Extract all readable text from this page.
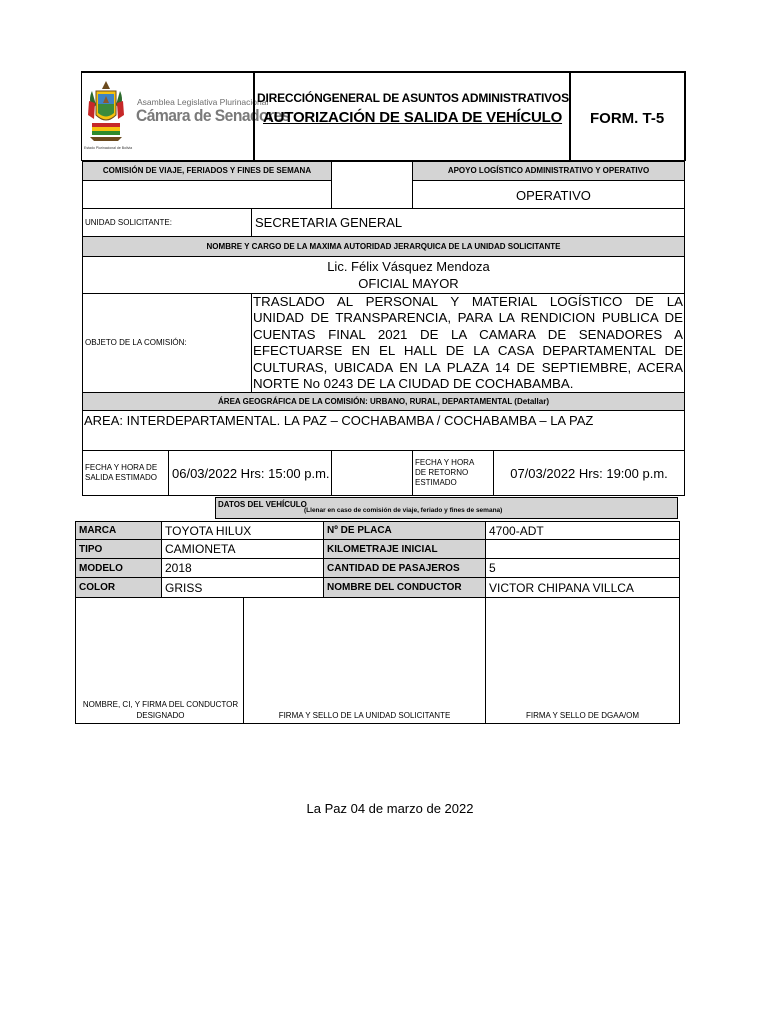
Asamblea Legislativa Plurinacional
Cámara de Senadores
Estado Plurinacional de Bolivia
DIRECCIÓNGENERAL DE ASUNTOS ADMINISTRATIVOS
AUTORIZACIÓN DE SALIDA DE VEHÍCULO FORM. T-5
COMISIÓN DE VIAJE, FERIADOS Y FINES DE SEMANA	APOYO LOGÍSTICO ADMINISTRATIVO Y OPERATIVO
OPERATIVO
UNIDAD SOLICITANTE:	SECRETARIA GENERAL
NOMBRE Y CARGO DE LA MAXIMA AUTORIDAD JERARQUICA DE LA UNIDAD SOLICITANTE
Lic. Félix Vásquez Mendoza
OFICIAL MAYOR
OBJETO DE LA COMISIÓN:
TRASLADO AL PERSONAL Y MATERIAL LOGÍSTICO DE LA
UNIDAD DE TRANSPARENCIA, PARA LA RENDICION PUBLICA DE
CUENTAS FINAL 2021 DE LA CAMARA DE SENADORES A
EFECTUARSE EN EL HALL DE LA CASA DEPARTAMENTAL DE
CULTURAS, UBICADA EN LA PLAZA 14 DE SEPTIEMBRE, ACERA
NORTE No 0243 DE LA CIUDAD DE COCHABAMBA.
ÁREA GEOGRÁFICA DE LA COMISIÓN: URBANO, RURAL, DEPARTAMENTAL (Detallar)
AREA: INTERDEPARTAMENTAL. LA PAZ – COCHABAMBA / COCHABAMBA – LA PAZ
FECHA Y HORA DE SALIDA ESTIMADO	06/03/2022 Hrs: 15:00 p.m.
FECHA Y HORA DE RETORNO ESTIMADO
07/03/2022 Hrs: 19:00 p.m.
DATOS DEL VEHÍCULO
(Llenar en caso de comisión de viaje, feriado y fines de semana)
MARCA	TOYOTA HILUX	Nº DE PLACA	4700-ADT
TIPO	CAMIONETA	KILOMETRAJE INICIAL
MODELO	2018	CANTIDAD DE PASAJEROS	5
COLOR	GRISS	NOMBRE DEL CONDUCTOR	VICTOR CHIPANA VILLCA
NOMBRE, CI, Y FIRMA DEL CONDUCTOR DESIGNADO	FIRMA Y SELLO DE LA UNIDAD SOLICITANTE	FIRMA Y SELLO DE DGAA/OM
La Paz 04 de marzo de 2022
